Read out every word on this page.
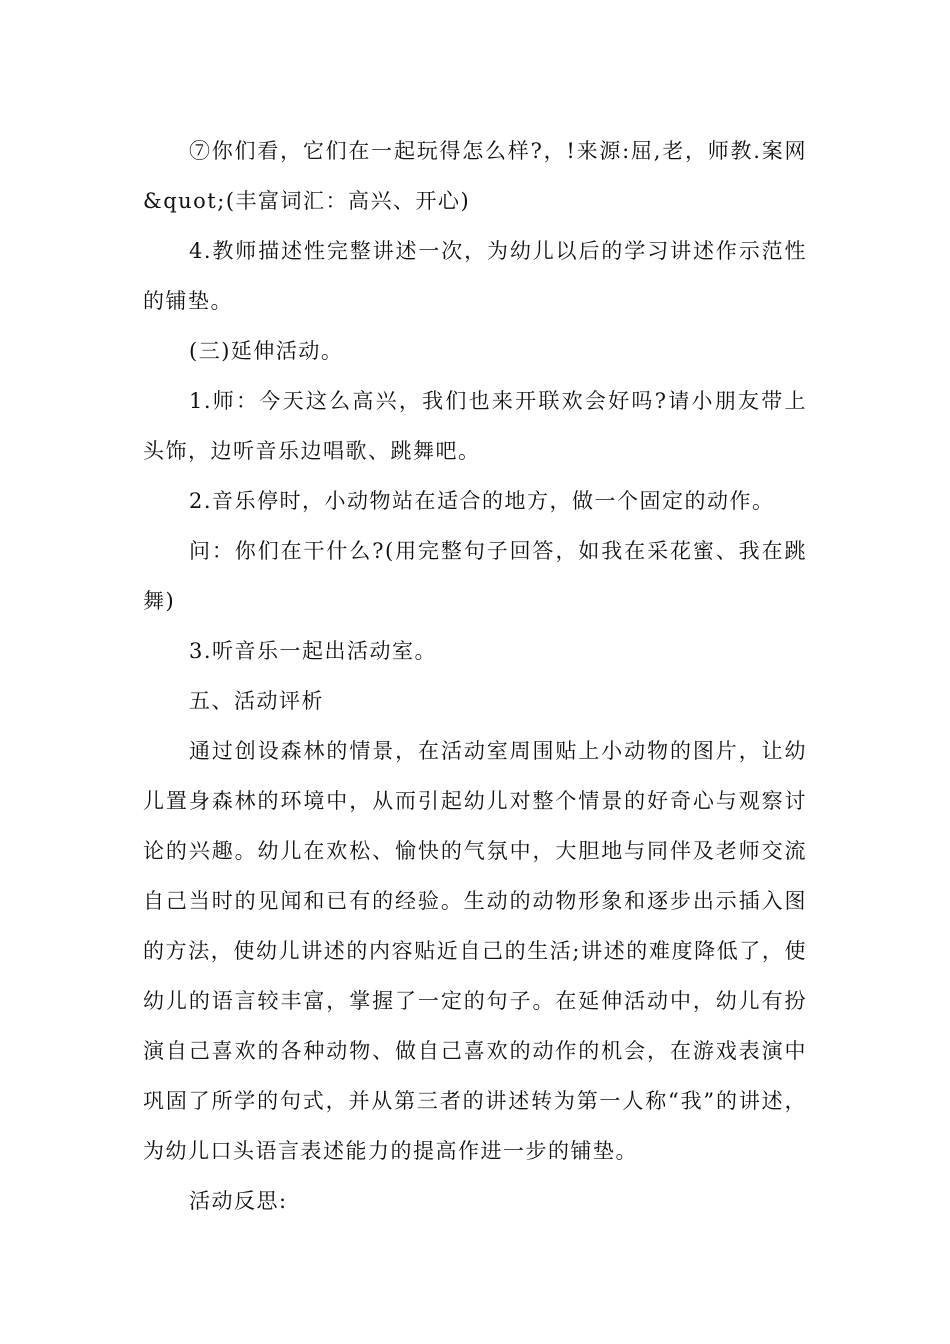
⑦你们看，它们在一起玩得怎么样?，!来源:屈,老，师教.案网&quot;(丰富词汇：高兴、开心)

4.教师描述性完整讲述一次，为幼儿以后的学习讲述作示范性的铺垫。

(三)延伸活动。

1.师：今天这么高兴，我们也来开联欢会好吗?请小朋友带上头饰，边听音乐边唱歌、跳舞吧。

2.音乐停时，小动物站在适合的地方，做一个固定的动作。

问：你们在干什么?(用完整句子回答，如我在采花蜜、我在跳舞)

3.听音乐一起出活动室。

五、活动评析

通过创设森林的情景，在活动室周围贴上小动物的图片，让幼儿置身森林的环境中，从而引起幼儿对整个情景的好奇心与观察讨论的兴趣。幼儿在欢松、愉快的气氛中，大胆地与同伴及老师交流自己当时的见闻和已有的经验。生动的动物形象和逐步出示插入图的方法，使幼儿讲述的内容贴近自己的生活;讲述的难度降低了，使幼儿的语言较丰富，掌握了一定的句子。在延伸活动中，幼儿有扮演自己喜欢的各种动物、做自己喜欢的动作的机会，在游戏表演中巩固了所学的句式，并从第三者的讲述转为第一人称“我”的讲述，为幼儿口头语言表述能力的提高作进一步的铺垫。

活动反思:
